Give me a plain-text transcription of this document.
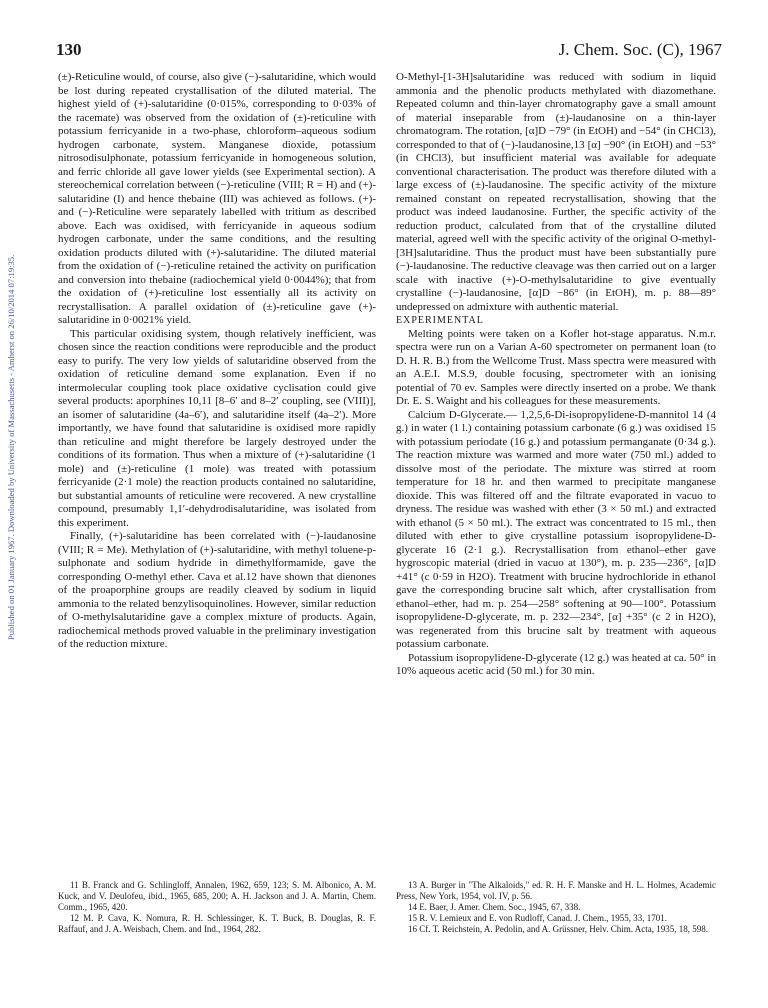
130	J. Chem. Soc. (C), 1967
Published on 01 January 1967. Downloaded by University of Massachusetts - Amherst on 26/10/2014 07:19:35.

(±)-Reticuline would, of course, also give (−)-salutaridine, which would be lost during repeated crystallisation of the diluted material. The highest yield of (+)-salutaridine (0·015%, corresponding to 0·03% of the racemate) was observed from the oxidation of (±)-reticuline with potassium ferricyanide in a two-phase, chloroform–aqueous sodium hydrogen carbonate, system. Manganese dioxide, potassium nitrosodisulphonate, potassium ferricyanide in homogeneous solution, and ferric chloride all gave lower yields (see Experimental section). A stereochemical correlation between (−)-reticuline (VIII; R = H) and (+)-salutaridine (I) and hence thebaine (III) was achieved as follows. (+)- and (−)-Reticuline were separately labelled with tritium as described above. Each was oxidised, with ferricyanide in aqueous sodium hydrogen carbonate, under the same conditions, and the resulting oxidation products diluted with (+)-salutaridine. The diluted material from the oxidation of (−)-reticuline retained the activity on purification and conversion into thebaine (radiochemical yield 0·0044%); that from the oxidation of (+)-reticuline lost essentially all its activity on recrystallisation. A parallel oxidation of (±)-reticuline gave (+)-salutaridine in 0·0021% yield.

This particular oxidising system, though relatively inefficient, was chosen since the reaction conditions were reproducible and the product easy to purify. The very low yields of salutaridine observed from the oxidation of reticuline demand some explanation. Even if no intermolecular coupling took place oxidative cyclisation could give several products: aporphines 10,11 [8–6′ and 8–2′ coupling, see (VIII)], an isomer of salutaridine (4a–6′), and salutaridine itself (4a–2′). More importantly, we have found that salutaridine is oxidised more rapidly than reticuline and might therefore be largely destroyed under the conditions of its formation. Thus when a mixture of (+)-salutaridine (1 mole) and (±)-reticuline (1 mole) was treated with potassium ferricyanide (2·1 mole) the reaction products contained no salutaridine, but substantial amounts of reticuline were recovered. A new crystalline compound, presumably 1,1′-dehydrodisalutaridine, was isolated from this experiment.

Finally, (+)-salutaridine has been correlated with (−)-laudanosine (VIII; R = Me). Methylation of (+)-salutaridine, with methyl toluene-p-sulphonate and sodium hydride in dimethylformamide, gave the corresponding O-methyl ether. Cava et al.12 have shown that dienones of the proaporphine groups are readily cleaved by sodium in liquid ammonia to the related benzylisoquinolines. However, similar reduction of O-methylsalutaridine gave a complex mixture of products. Again, radiochemical methods proved valuable in the preliminary investigation of the reduction mixture.

11 B. Franck and G. Schlingloff, Annalen, 1962, 659, 123; S. M. Albonico, A. M. Kuck, and V. Deulofeu, ibid., 1965, 685, 200; A. H. Jackson and J. A. Martin, Chem. Comm., 1965, 420.

12 M. P. Cava, K. Nomura, R. H. Schlessinger, K. T. Buck, B. Douglas, R. F. Raffauf, and J. A. Weisbach, Chem. and Ind., 1964, 282.

O-Methyl-[1-3H]salutaridine was reduced with sodium in liquid ammonia and the phenolic products methylated with diazomethane. Repeated column and thin-layer chromatography gave a small amount of material inseparable from (±)-laudanosine on a thin-layer chromatogram. The rotation, [α]D −79° (in EtOH) and −54° (in CHCl3), corresponded to that of (−)-laudanosine,13 [α] −90° (in EtOH) and −53° (in CHCl3), but insufficient material was available for adequate conventional characterisation. The product was therefore diluted with a large excess of (±)-laudanosine. The specific activity of the mixture remained constant on repeated recrystallisation, showing that the product was indeed laudanosine. Further, the specific activity of the reduction product, calculated from that of the crystalline diluted material, agreed well with the specific activity of the original O-methyl-[3H]salutaridine. Thus the product must have been substantially pure (−)-laudanosine. The reductive cleavage was then carried out on a larger scale with inactive (+)-O-methylsalutaridine to give eventually crystalline (−)-laudanosine, [α]D −86° (in EtOH), m. p. 88—89° undepressed on admixture with authentic material.

EXPERIMENTAL

Melting points were taken on a Kofler hot-stage apparatus. N.m.r. spectra were run on a Varian A-60 spectrometer on permanent loan (to D. H. R. B.) from the Wellcome Trust. Mass spectra were measured with an A.E.I. M.S.9, double focusing, spectrometer with an ionising potential of 70 ev. Samples were directly inserted on a probe. We thank Dr. E. S. Waight and his colleagues for these measurements.

Calcium D-Glycerate.— 1,2,5,6-Di-isopropylidene-D-mannitol 14 (4 g.) in water (1 l.) containing potassium carbonate (6 g.) was oxidised 15 with potassium periodate (16 g.) and potassium permanganate (0·34 g.). The reaction mixture was warmed and more water (750 ml.) added to dissolve most of the periodate. The mixture was stirred at room temperature for 18 hr. and then warmed to precipitate manganese dioxide. This was filtered off and the filtrate evaporated in vacuo to dryness. The residue was washed with ether (3 × 50 ml.) and extracted with ethanol (5 × 50 ml.). The extract was concentrated to 15 ml., then diluted with ether to give crystalline potassium isopropylidene-D-glycerate 16 (2·1 g.). Recrystallisation from ethanol–ether gave hygroscopic material (dried in vacuo at 130°), m. p. 235—236°, [α]D +41° (c 0·59 in H2O). Treatment with brucine hydrochloride in ethanol gave the corresponding brucine salt which, after crystallisation from ethanol–ether, had m. p. 254—258° softening at 90—100°. Potassium isopropylidene-D-glycerate, m. p. 232—234°, [α] +35° (c 2 in H2O), was regenerated from this brucine salt by treatment with aqueous potassium carbonate.

Potassium isopropylidene-D-glycerate (12 g.) was heated at ca. 50° in 10% aqueous acetic acid (50 ml.) for 30 min.

13 A. Burger in "The Alkaloids," ed. R. H. F. Manske and H. L. Holmes, Academic Press, New York, 1954, vol. IV, p. 56.

14 E. Baer, J. Amer. Chem. Soc., 1945, 67, 338.

15 R. V. Lemieux and E. von Rudloff, Canad. J. Chem., 1955, 33, 1701.

16 Cf. T. Reichstein, A. Pedolin, and A. Grüssner, Helv. Chim. Acta, 1935, 18, 598.
